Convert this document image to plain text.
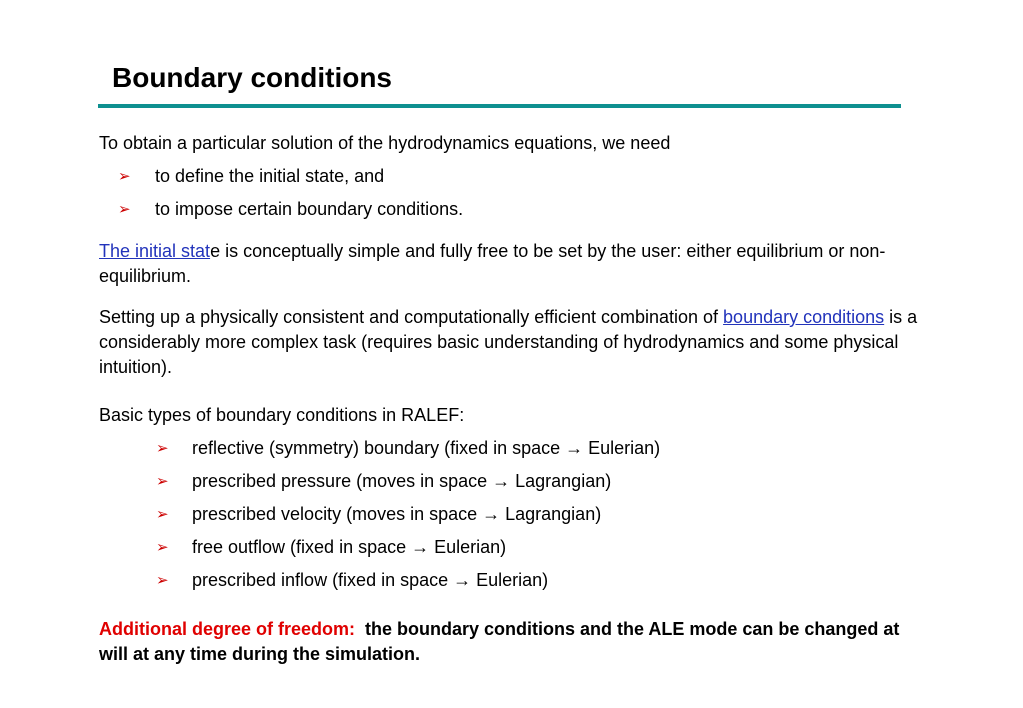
Boundary conditions

To obtain a particular solution of the hydrodynamics equations, we need

➢ to define the initial state, and
➢ to impose certain boundary conditions.

The initial state is conceptually simple and fully free to be set by the user: either equilibrium or non-equilibrium.

Setting up a physically consistent and computationally efficient combination of boundary conditions is a considerably more complex task (requires basic understanding of hydrodynamics and some physical intuition).

Basic types of boundary conditions in RALEF:

➢ reflective (symmetry) boundary (fixed in space → Eulerian)
➢ prescribed pressure (moves in space → Lagrangian)
➢ prescribed velocity (moves in space → Lagrangian)
➢ free outflow (fixed in space → Eulerian)
➢ prescribed inflow (fixed in space → Eulerian)

Additional degree of freedom: the boundary conditions and the ALE mode can be changed at will at any time during the simulation.
